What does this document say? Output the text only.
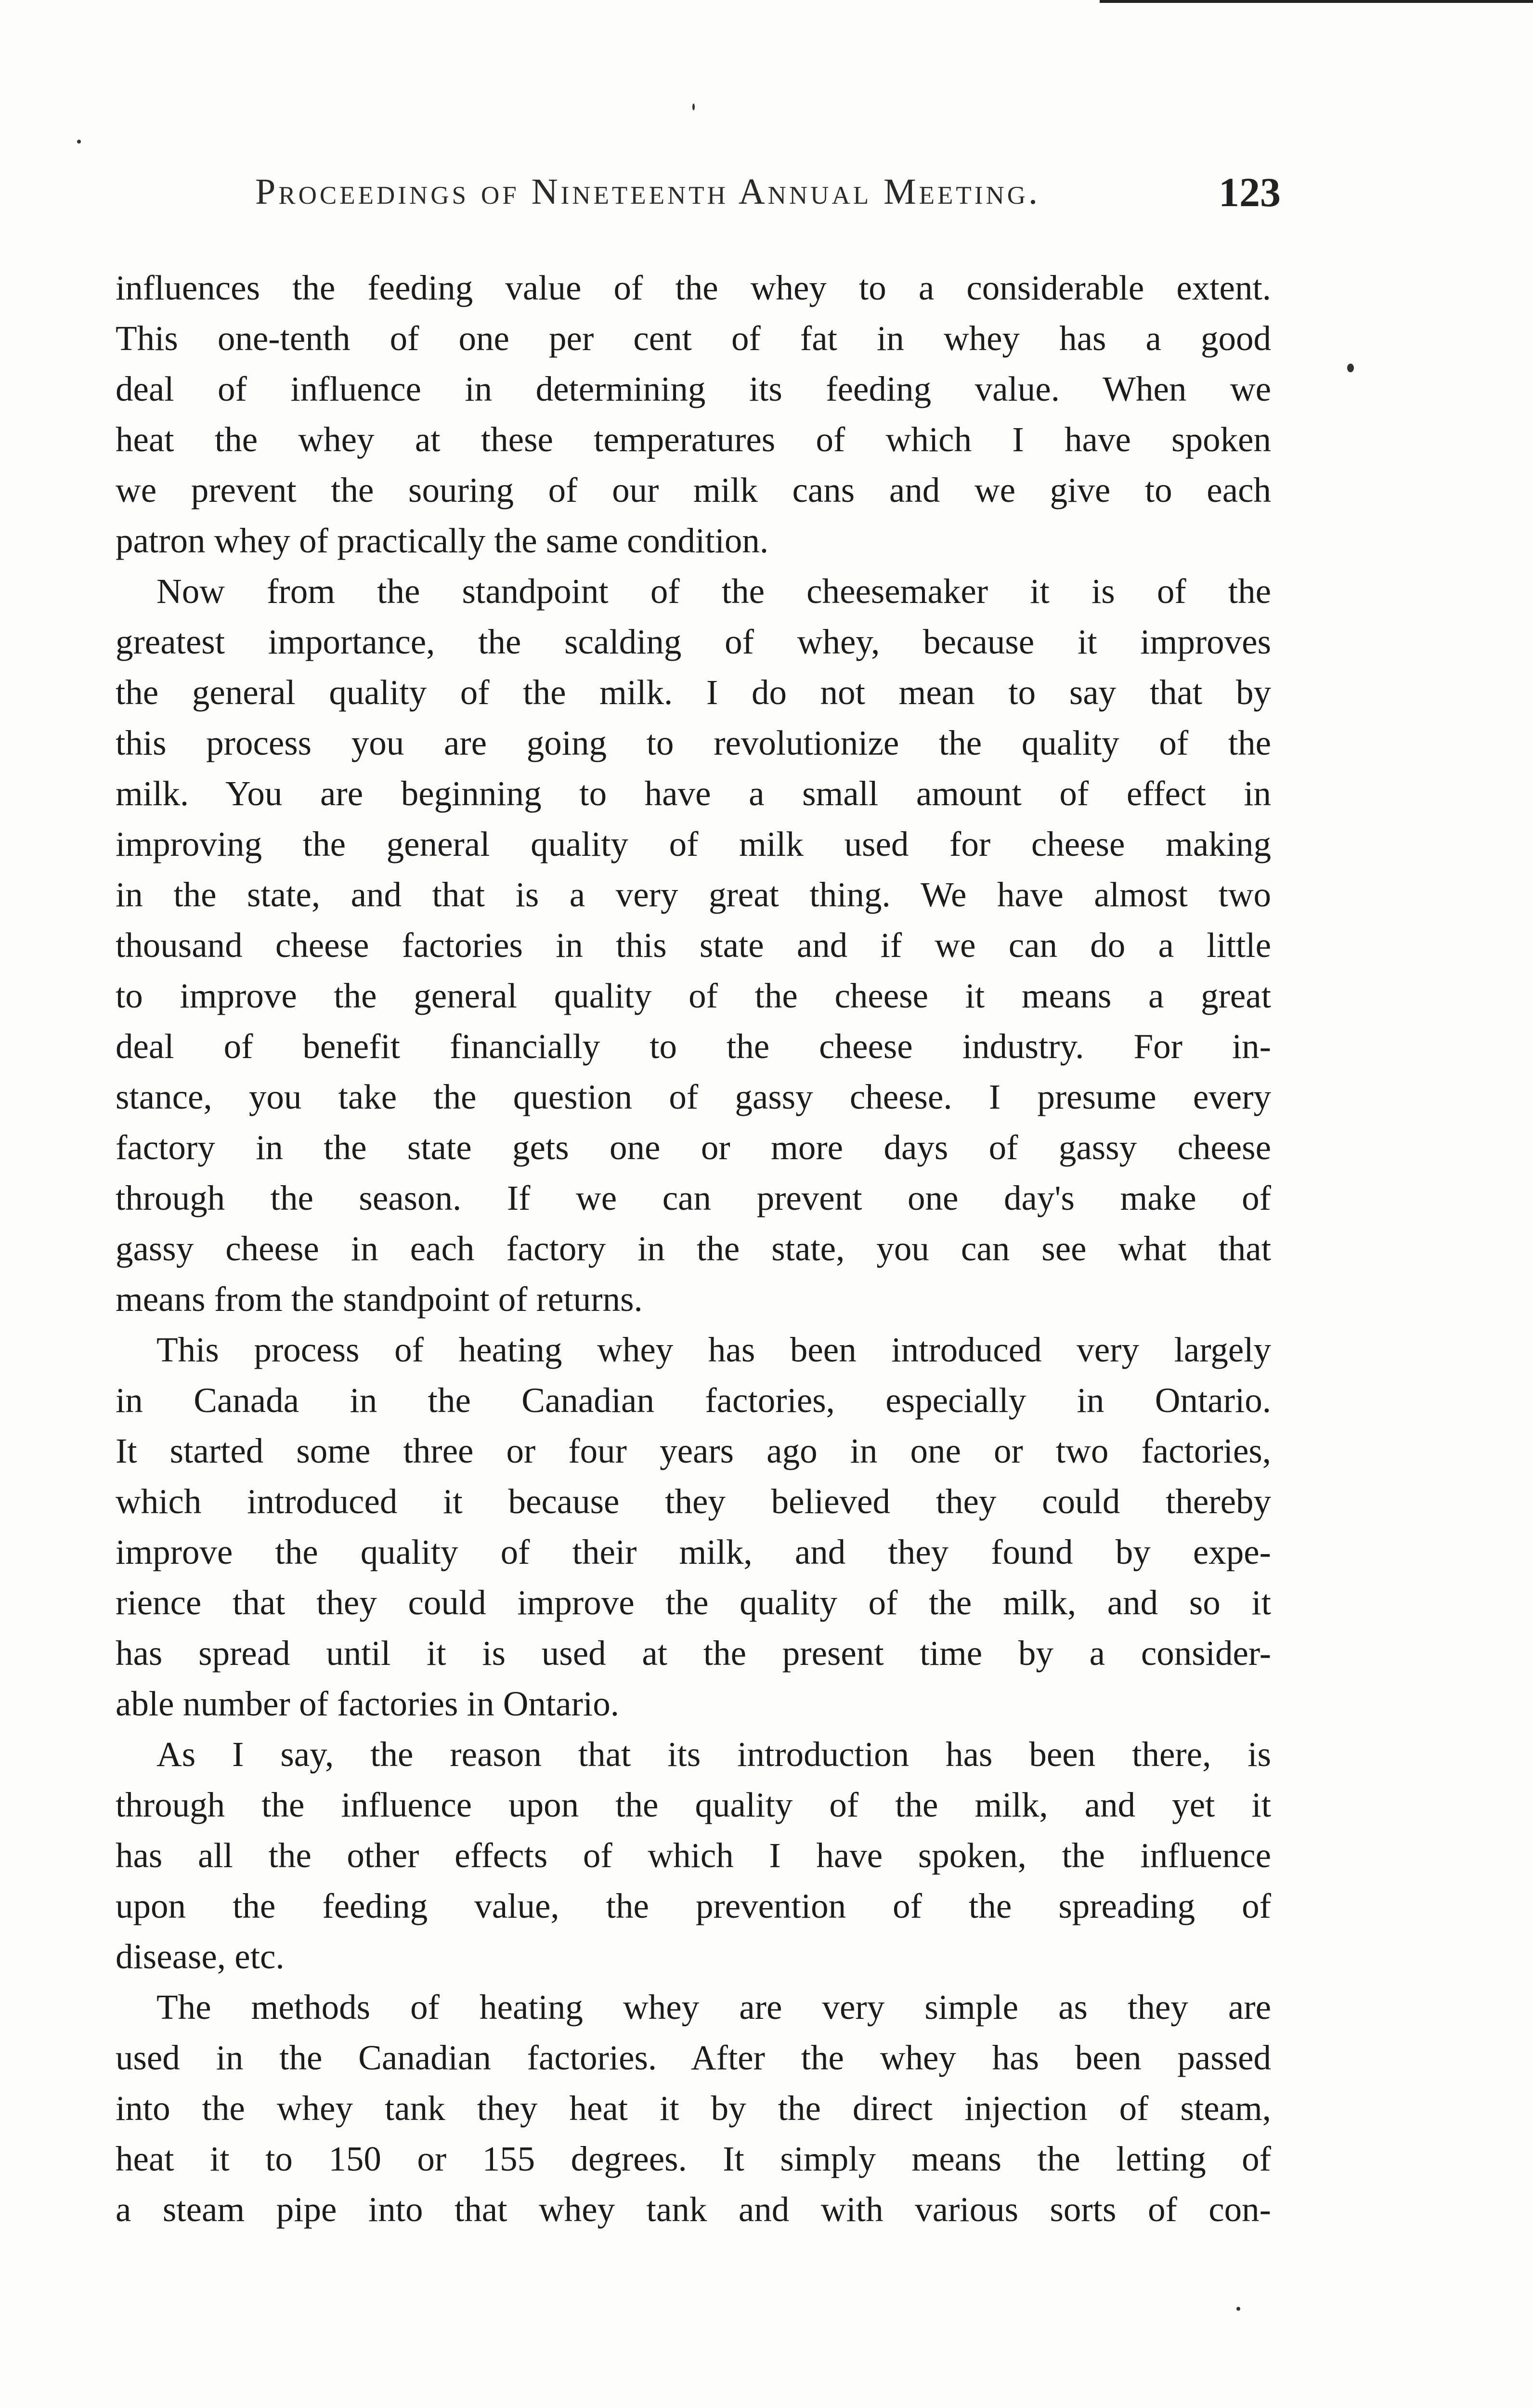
Proceedings of Nineteenth Annual Meeting.	123
influences the feeding value of the whey to a considerable extent.
This one-tenth of one per cent of fat in whey has a good
deal of influence in determining its feeding value. When we
heat the whey at these temperatures of which I have spoken
we prevent the souring of our milk cans and we give to each
patron whey of practically the same condition.
Now from the standpoint of the cheesemaker it is of the
greatest importance, the scalding of whey, because it improves
the general quality of the milk. I do not mean to say that by
this process you are going to revolutionize the quality of the
milk. You are beginning to have a small amount of effect in
improving the general quality of milk used for cheese making
in the state, and that is a very great thing. We have almost two
thousand cheese factories in this state and if we can do a little
to improve the general quality of the cheese it means a great
deal of benefit financially to the cheese industry. For in-
stance, you take the question of gassy cheese. I presume every
factory in the state gets one or more days of gassy cheese
through the season. If we can prevent one day's make of
gassy cheese in each factory in the state, you can see what that
means from the standpoint of returns.
This process of heating whey has been introduced very largely
in Canada in the Canadian factories, especially in Ontario.
It started some three or four years ago in one or two factories,
which introduced it because they believed they could thereby
improve the quality of their milk, and they found by expe-
rience that they could improve the quality of the milk, and so it
has spread until it is used at the present time by a consider-
able number of factories in Ontario.
As I say, the reason that its introduction has been there, is
through the influence upon the quality of the milk, and yet it
has all the other effects of which I have spoken, the influence
upon the feeding value, the prevention of the spreading of
disease, etc.
The methods of heating whey are very simple as they are
used in the Canadian factories. After the whey has been passed
into the whey tank they heat it by the direct injection of steam,
heat it to 150 or 155 degrees. It simply means the letting of
a steam pipe into that whey tank and with various sorts of con-
